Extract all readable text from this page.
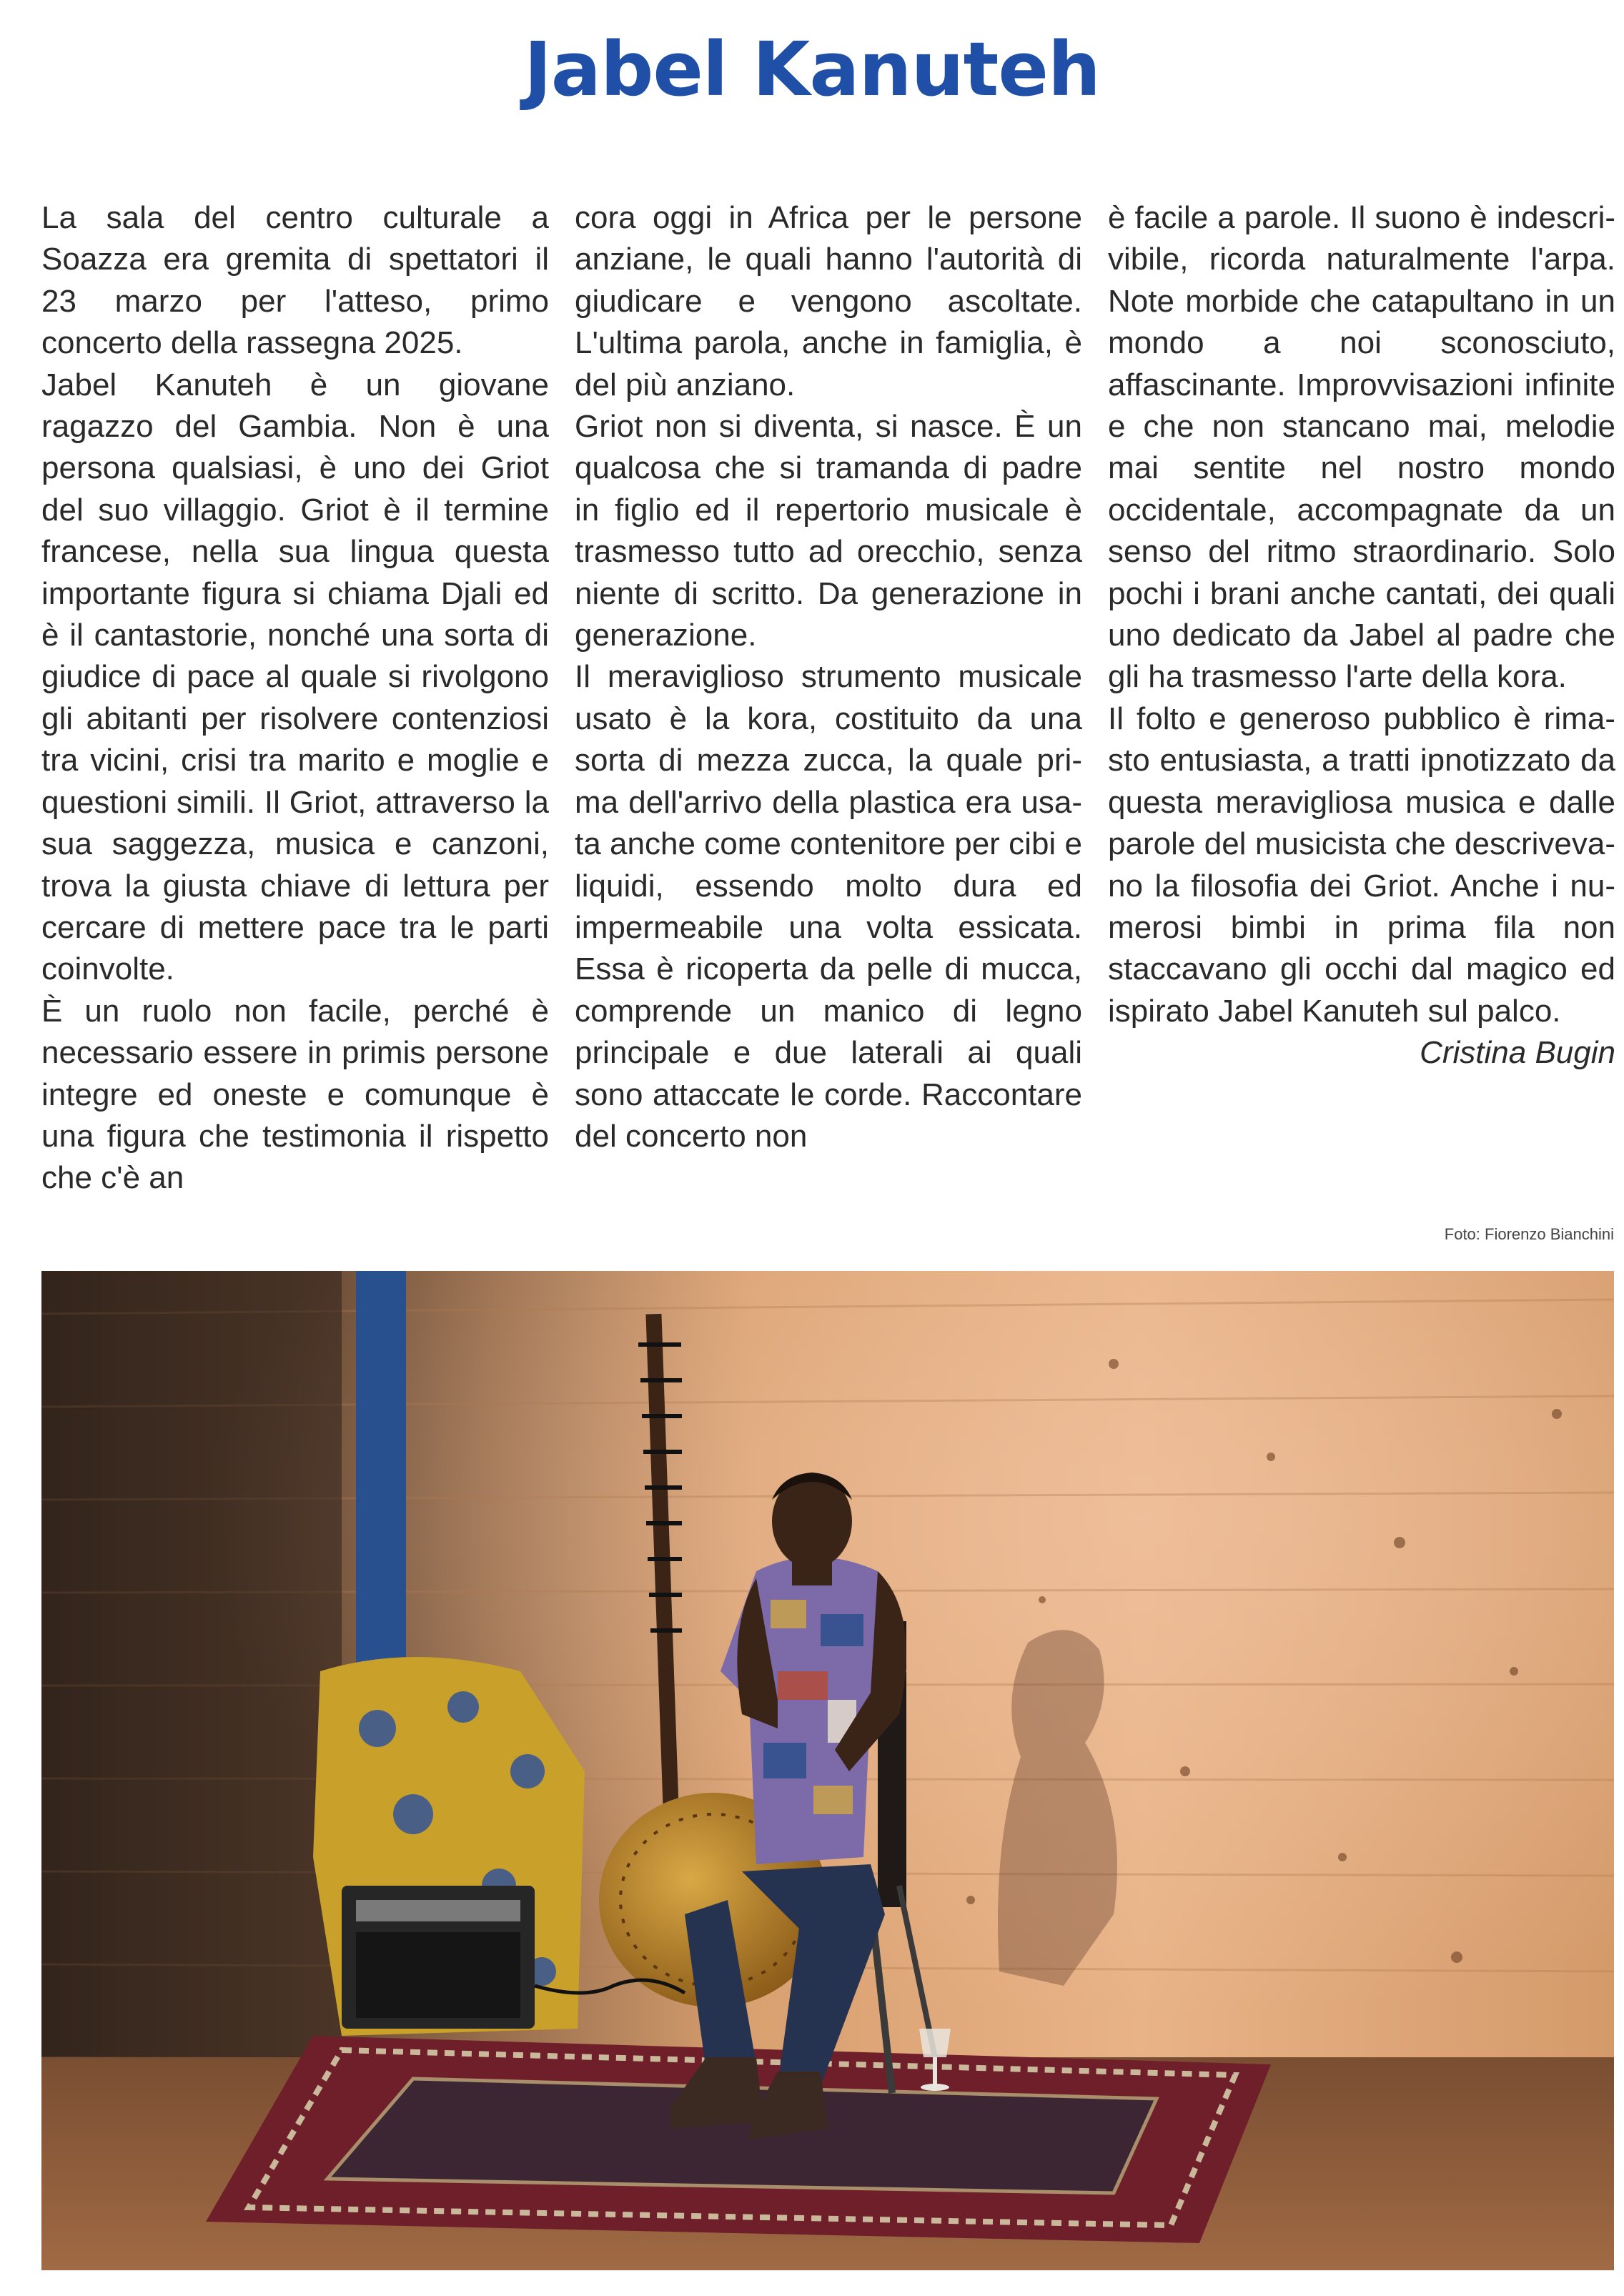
Jabel Kanuteh

La sala del centro culturale a Soazza era gremita di spettatori il 23 marzo per l'atteso, primo concerto della rassegna 2025.

Jabel Kanuteh è un giovane ragazzo del Gambia. Non è una persona qualsiasi, è uno dei Griot del suo villaggio. Griot è il termine francese, nella sua lingua questa importante figura si chiama Djali ed è il cantastorie, nonché una sorta di giudice di pace al quale si rivolgono gli abitanti per risolvere contenziosi tra vicini, crisi tra marito e moglie e questioni simili. Il Griot, attraverso la sua saggezza, musica e canzoni, trova la giusta chiave di lettura per cercare di mettere pace tra le parti coinvolte.

È un ruolo non facile, perché è necessario essere in primis persone integre ed oneste e comunque è una figura che testimonia il rispetto che c'è an

cora oggi in Africa per le persone anziane, le quali hanno l'autorità di giudicare e vengono ascoltate. L'ultima parola, anche in famiglia, è del più anziano.

Griot non si diventa, si nasce. È un qualcosa che si tramanda di padre in figlio ed il repertorio musicale è trasmesso tutto ad orecchio, senza niente di scritto. Da generazione in generazione.

Il meraviglioso strumento musicale usato è la kora, costituito da una sorta di mezza zucca, la quale prima dell'arrivo della plastica era usata anche come contenitore per cibi e liquidi, essendo molto dura ed impermeabile una volta essicata. Essa è ricoperta da pelle di mucca, comprende un manico di legno principale e due laterali ai quali sono attaccate le corde. Raccontare del concerto non

è facile a parole. Il suono è indescrivibile, ricorda naturalmente l'arpa. Note morbide che catapultano in un mondo a noi sconosciuto, affascinante. Improvvisazioni infinite e che non stancano mai, melodie mai sentite nel nostro mondo occidentale, accompagnate da un senso del ritmo straordinario. Solo pochi i brani anche cantati, dei quali uno dedicato da Jabel al padre che gli ha trasmesso l'arte della kora.

Il folto e generoso pubblico è rimasto entusiasta, a tratti ipnotizzato da questa meravigliosa musica e dalle parole del musicista che descrivevano la filosofia dei Griot. Anche i numerosi bimbi in prima fila non staccavano gli occhi dal magico ed ispirato Jabel Kanuteh sul palco.

Cristina Bugin

Foto: Fiorenzo Bianchini
